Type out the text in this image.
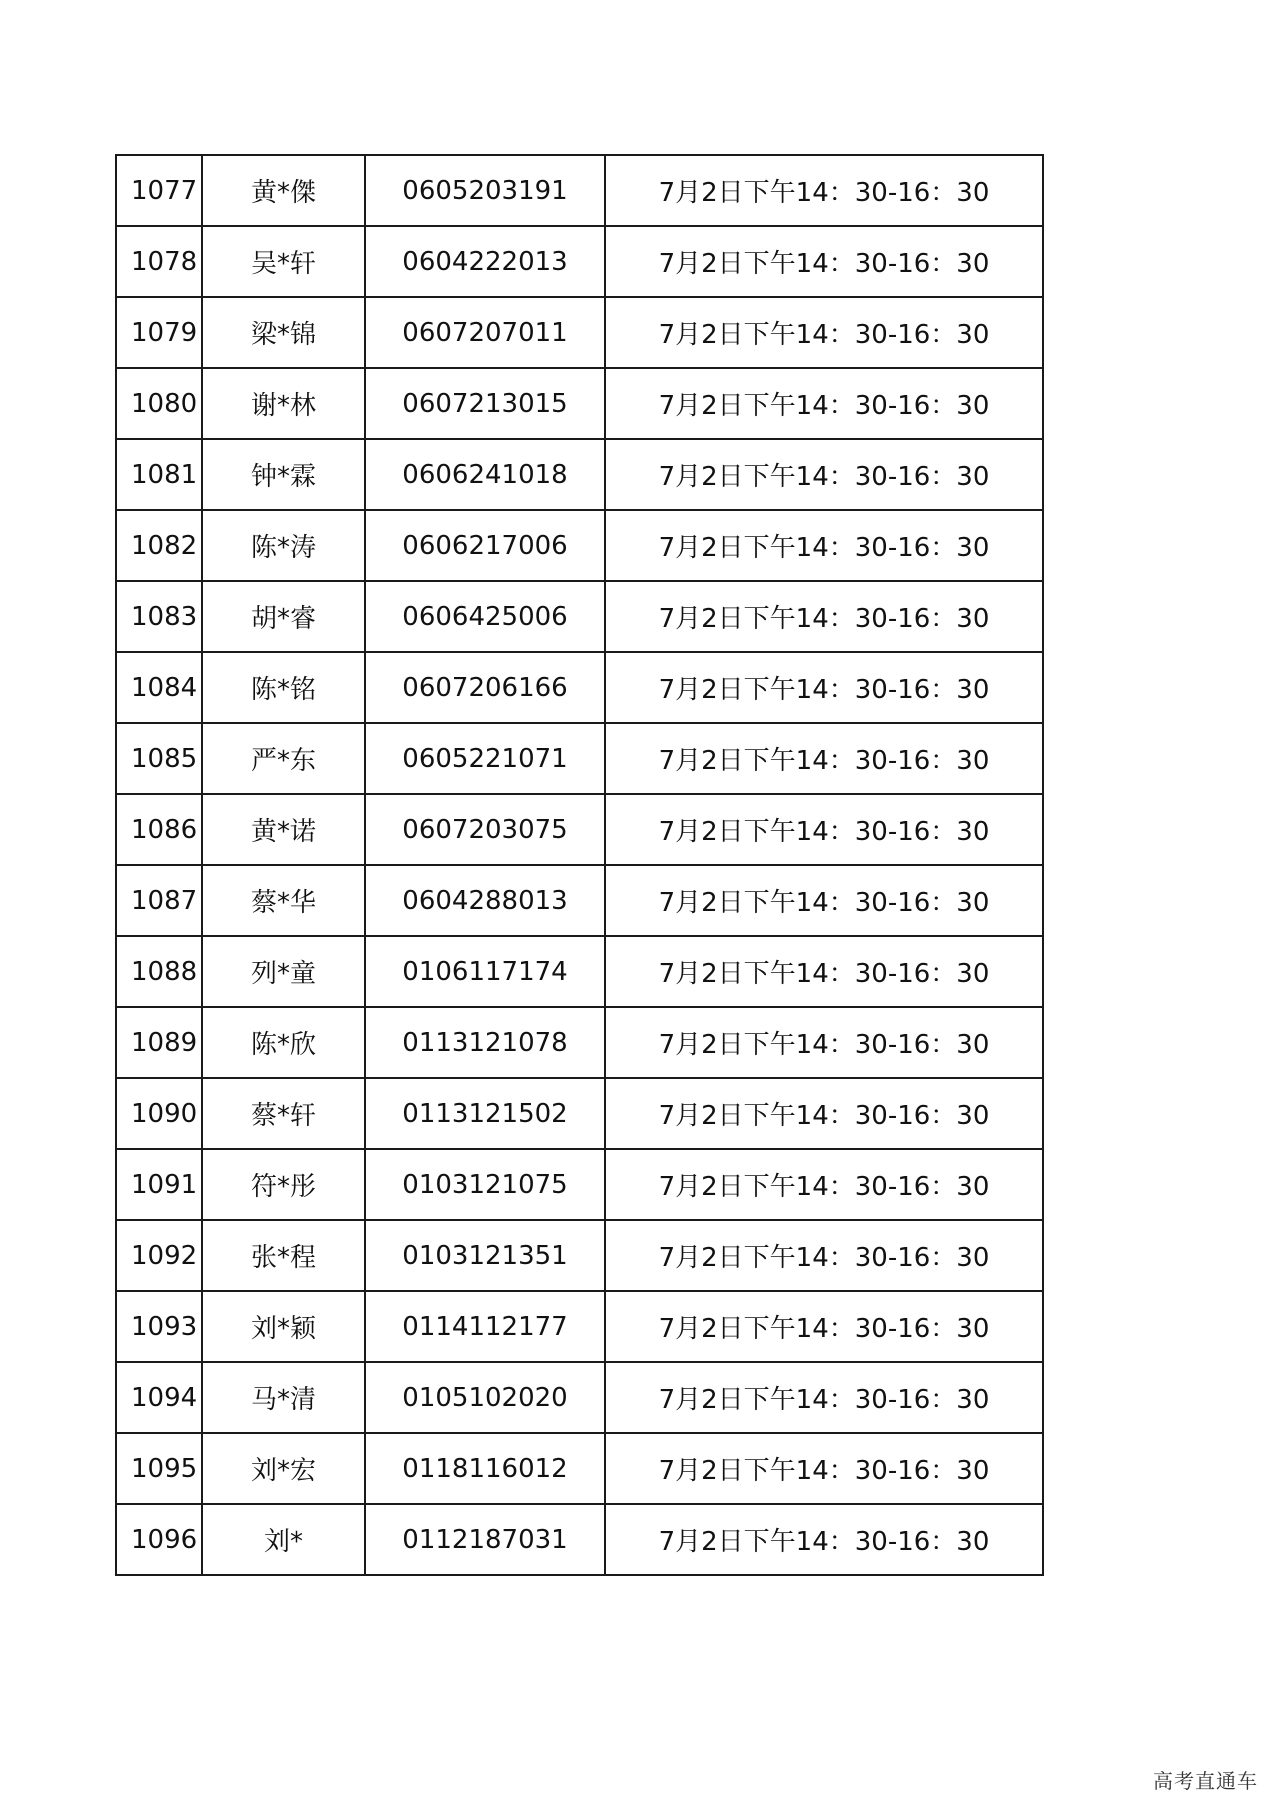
1077	黄*傑	0605203191	7月2日下午14：30-16：30
1078	吴*轩	0604222013	7月2日下午14：30-16：30
1079	梁*锦	0607207011	7月2日下午14：30-16：30
1080	谢*林	0607213015	7月2日下午14：30-16：30
1081	钟*霖	0606241018	7月2日下午14：30-16：30
1082	陈*涛	0606217006	7月2日下午14：30-16：30
1083	胡*睿	0606425006	7月2日下午14：30-16：30
1084	陈*铭	0607206166	7月2日下午14：30-16：30
1085	严*东	0605221071	7月2日下午14：30-16：30
1086	黄*诺	0607203075	7月2日下午14：30-16：30
1087	蔡*华	0604288013	7月2日下午14：30-16：30
1088	列*童	0106117174	7月2日下午14：30-16：30
1089	陈*欣	0113121078	7月2日下午14：30-16：30
1090	蔡*轩	0113121502	7月2日下午14：30-16：30
1091	符*彤	0103121075	7月2日下午14：30-16：30
1092	张*程	0103121351	7月2日下午14：30-16：30
1093	刘*颖	0114112177	7月2日下午14：30-16：30
1094	马*清	0105102020	7月2日下午14：30-16：30
1095	刘*宏	0118116012	7月2日下午14：30-16：30
1096	刘*	0112187031	7月2日下午14：30-16：30
高考直通车
